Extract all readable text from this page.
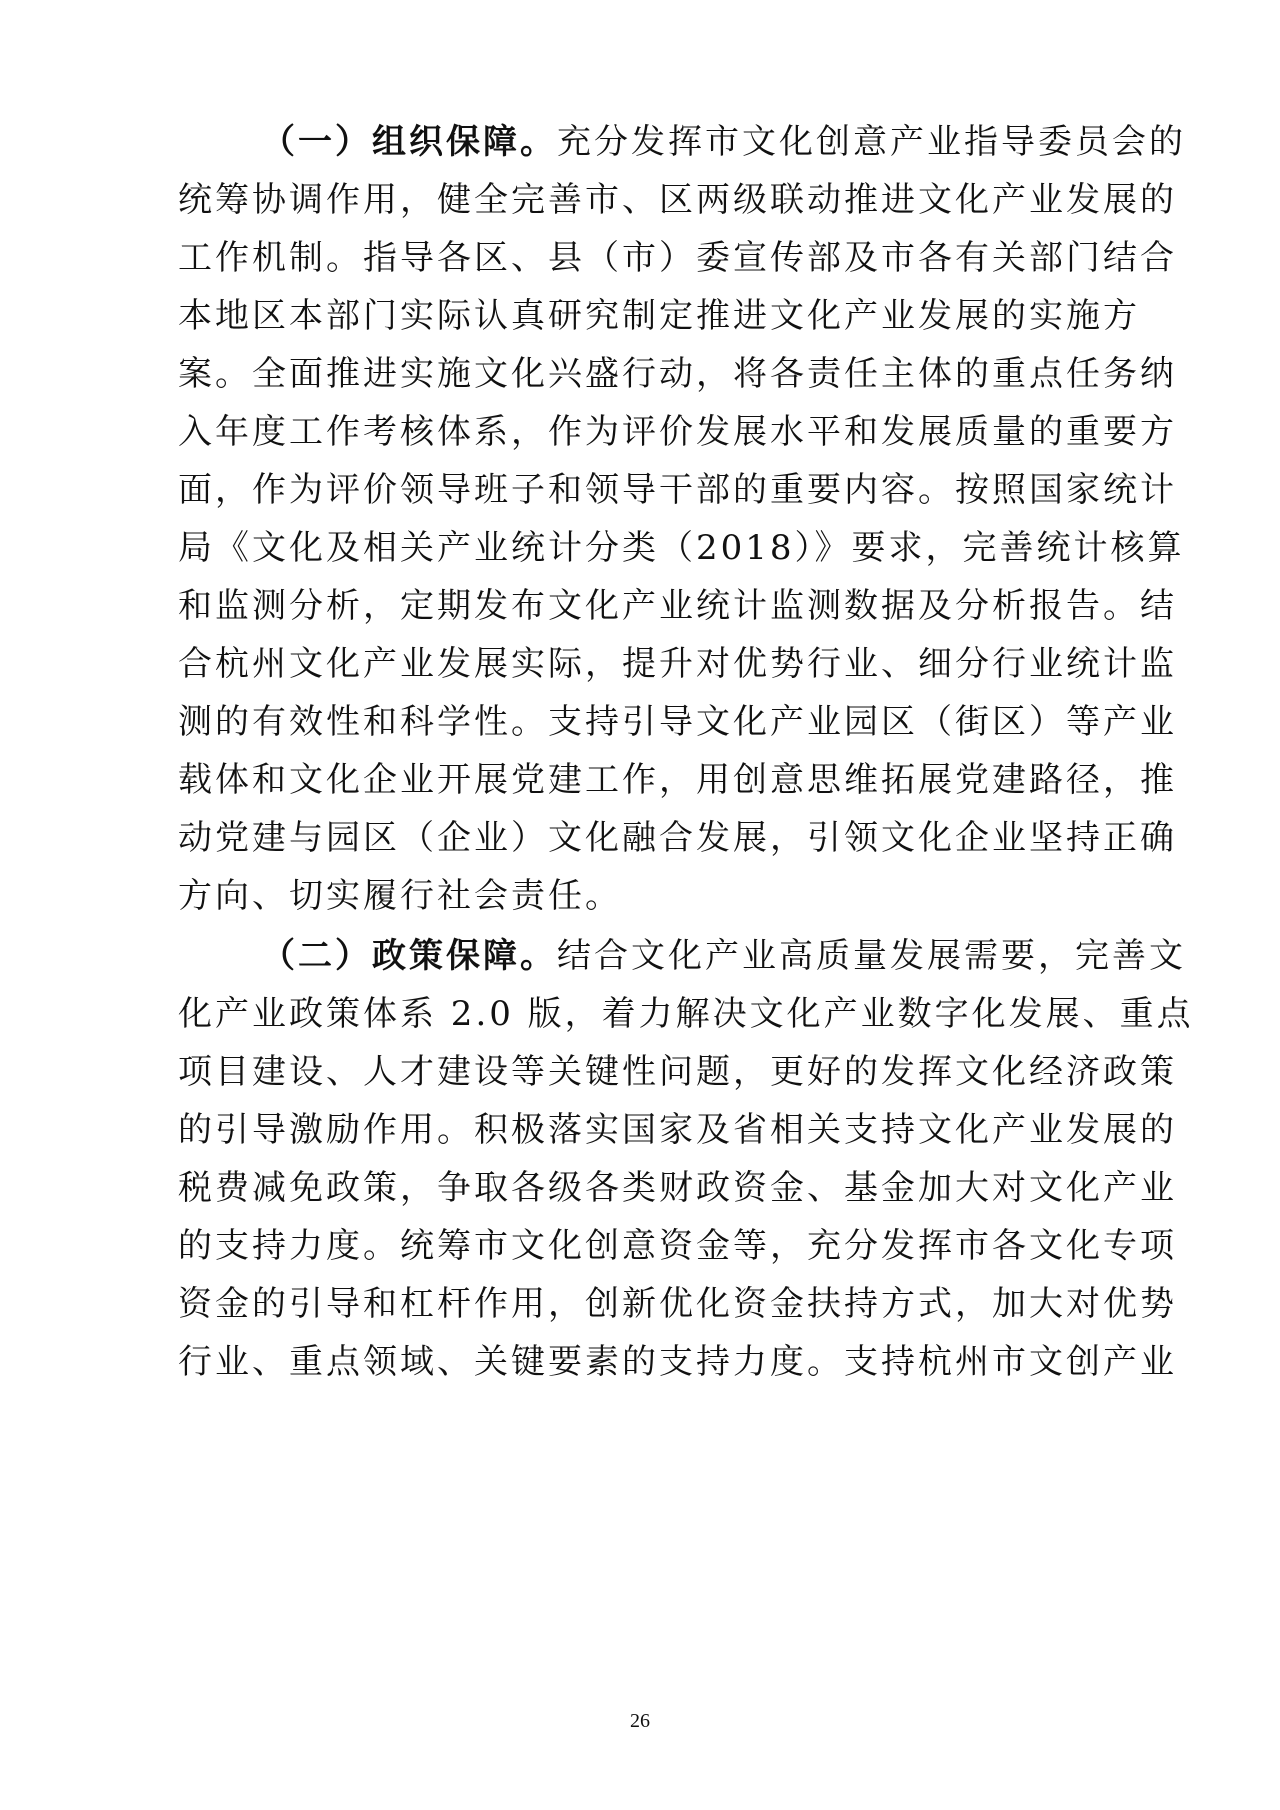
（一）组织保障。充分发挥市文化创意产业指导委员会的
统筹协调作用，健全完善市、区两级联动推进文化产业发展的
工作机制。指导各区、县（市）委宣传部及市各有关部门结合
本地区本部门实际认真研究制定推进文化产业发展的实施方
案。全面推进实施文化兴盛行动，将各责任主体的重点任务纳
入年度工作考核体系，作为评价发展水平和发展质量的重要方
面，作为评价领导班子和领导干部的重要内容。按照国家统计
局《文化及相关产业统计分类（2018）》要求，完善统计核算
和监测分析，定期发布文化产业统计监测数据及分析报告。结
合杭州文化产业发展实际，提升对优势行业、细分行业统计监
测的有效性和科学性。支持引导文化产业园区（街区）等产业
载体和文化企业开展党建工作，用创意思维拓展党建路径，推
动党建与园区（企业）文化融合发展，引领文化企业坚持正确
方向、切实履行社会责任。
（二）政策保障。结合文化产业高质量发展需要，完善文
化产业政策体系 2.0 版，着力解决文化产业数字化发展、重点
项目建设、人才建设等关键性问题，更好的发挥文化经济政策
的引导激励作用。积极落实国家及省相关支持文化产业发展的
税费减免政策，争取各级各类财政资金、基金加大对文化产业
的支持力度。统筹市文化创意资金等，充分发挥市各文化专项
资金的引导和杠杆作用，创新优化资金扶持方式，加大对优势
行业、重点领域、关键要素的支持力度。支持杭州市文创产业
26
